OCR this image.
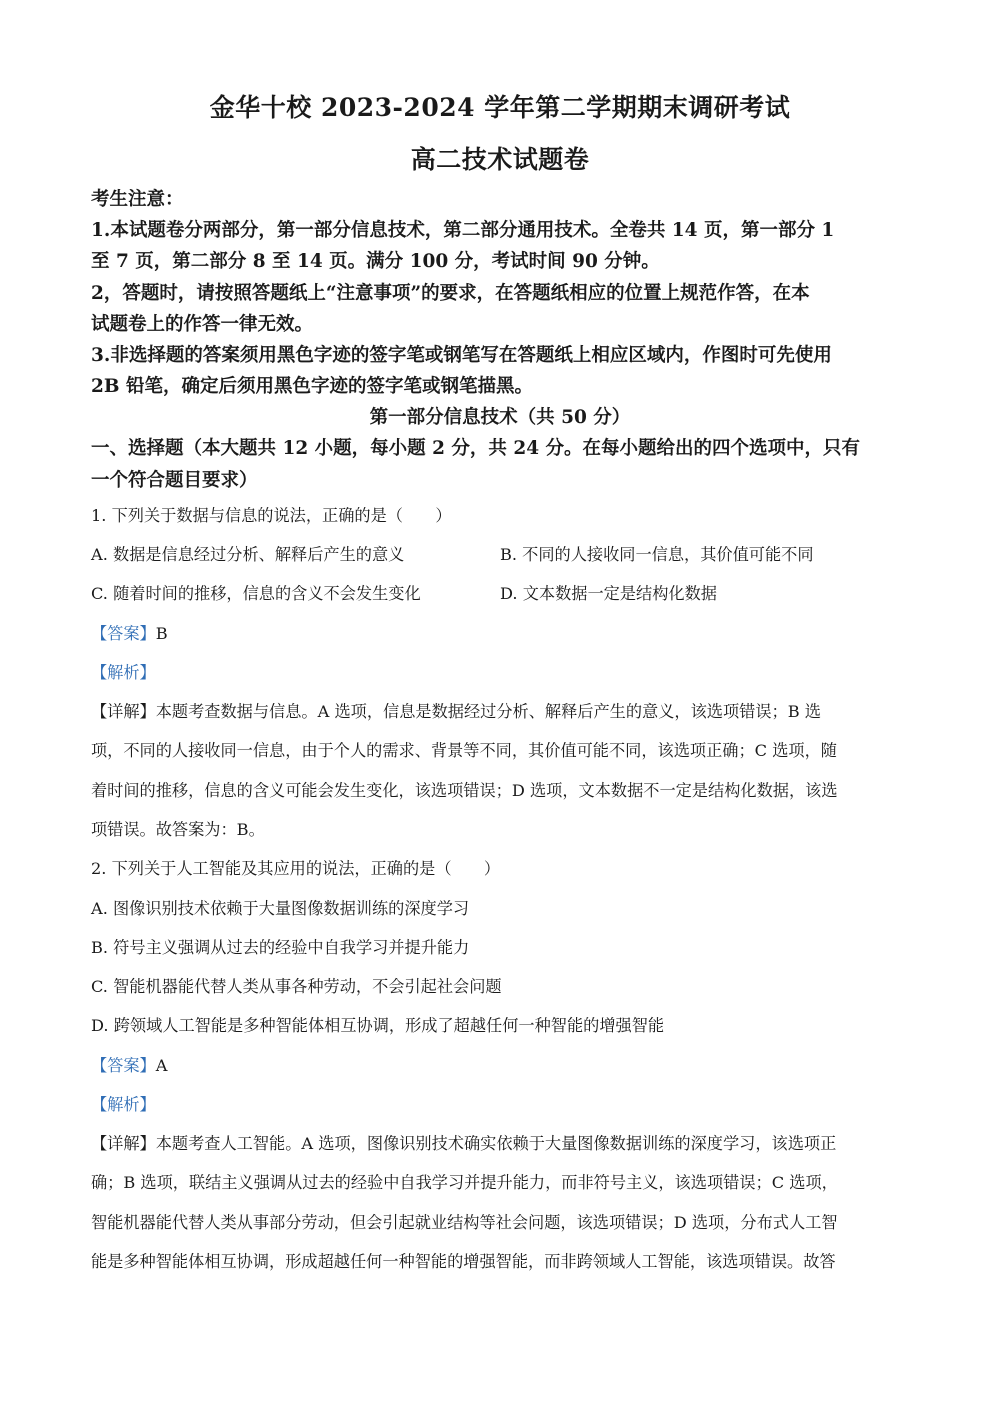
金华十校 2023-2024 学年第二学期期末调研考试
高二技术试题卷
考生注意：
1.本试题卷分两部分，第一部分信息技术，第二部分通用技术。全卷共 14 页，第一部分 1
至 7 页，第二部分 8 至 14 页。满分 100 分，考试时间 90 分钟。
2，答题时，请按照答题纸上“注意事项”的要求，在答题纸相应的位置上规范作答，在本
试题卷上的作答一律无效。
3.非选择题的答案须用黑色字迹的签字笔或钢笔写在答题纸上相应区域内，作图时可先使用
2B 铅笔，确定后须用黑色字迹的签字笔或钢笔描黑。
第一部分信息技术（共 50 分）
一、选择题（本大题共 12 小题，每小题 2 分，共 24 分。在每小题给出的四个选项中，只有
一个符合题目要求）
1. 下列关于数据与信息的说法，正确的是（　　）
A. 数据是信息经过分析、解释后产生的意义	B. 不同的人接收同一信息，其价值可能不同
C. 随着时间的推移，信息的含义不会发生变化	D. 文本数据一定是结构化数据
【答案】B
【解析】
【详解】本题考查数据与信息。A 选项，信息是数据经过分析、解释后产生的意义，该选项错误；B 选
项，不同的人接收同一信息，由于个人的需求、背景等不同，其价值可能不同，该选项正确；C 选项，随
着时间的推移，信息的含义可能会发生变化，该选项错误；D 选项，文本数据不一定是结构化数据，该选
项错误。故答案为：B。
2. 下列关于人工智能及其应用的说法，正确的是（　　）
A. 图像识别技术依赖于大量图像数据训练的深度学习
B. 符号主义强调从过去的经验中自我学习并提升能力
C. 智能机器能代替人类从事各种劳动，不会引起社会问题
D. 跨领域人工智能是多种智能体相互协调，形成了超越任何一种智能的增强智能
【答案】A
【解析】
【详解】本题考查人工智能。A 选项，图像识别技术确实依赖于大量图像数据训练的深度学习，该选项正
确；B 选项，联结主义强调从过去的经验中自我学习并提升能力，而非符号主义，该选项错误；C 选项，
智能机器能代替人类从事部分劳动，但会引起就业结构等社会问题，该选项错误；D 选项，分布式人工智
能是多种智能体相互协调，形成超越任何一种智能的增强智能，而非跨领域人工智能，该选项错误。故答
